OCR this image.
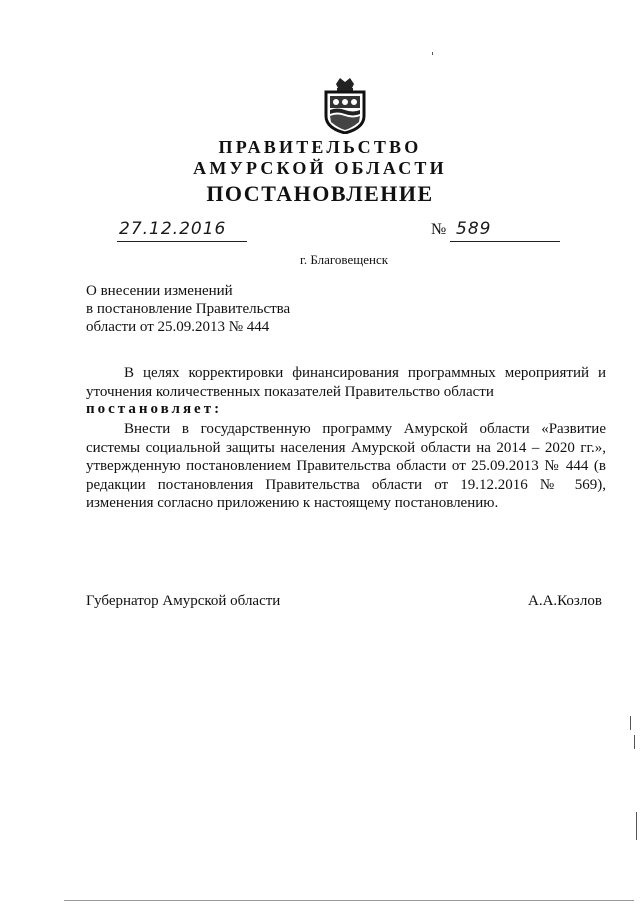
ПРАВИТЕЛЬСТВО
АМУРСКОЙ ОБЛАСТИ
ПОСТАНОВЛЕНИЕ
27.12.2016	№ 589
г. Благовещенск
О внесении изменений
в постановление Правительства
области от 25.09.2013 № 444
В целях корректировки финансирования программных мероприятий и уточнения количественных показателей Правительство области
постановляет:
Внести в государственную программу Амурской области «Развитие системы социальной защиты населения Амурской области на 2014 – 2020 гг.», утвержденную постановлением Правительства области от 25.09.2013 № 444 (в редакции постановления Правительства области от 19.12.2016 № 569), изменения согласно приложению к настоящему постановлению.
Губернатор Амурской области	А.А.Козлов
